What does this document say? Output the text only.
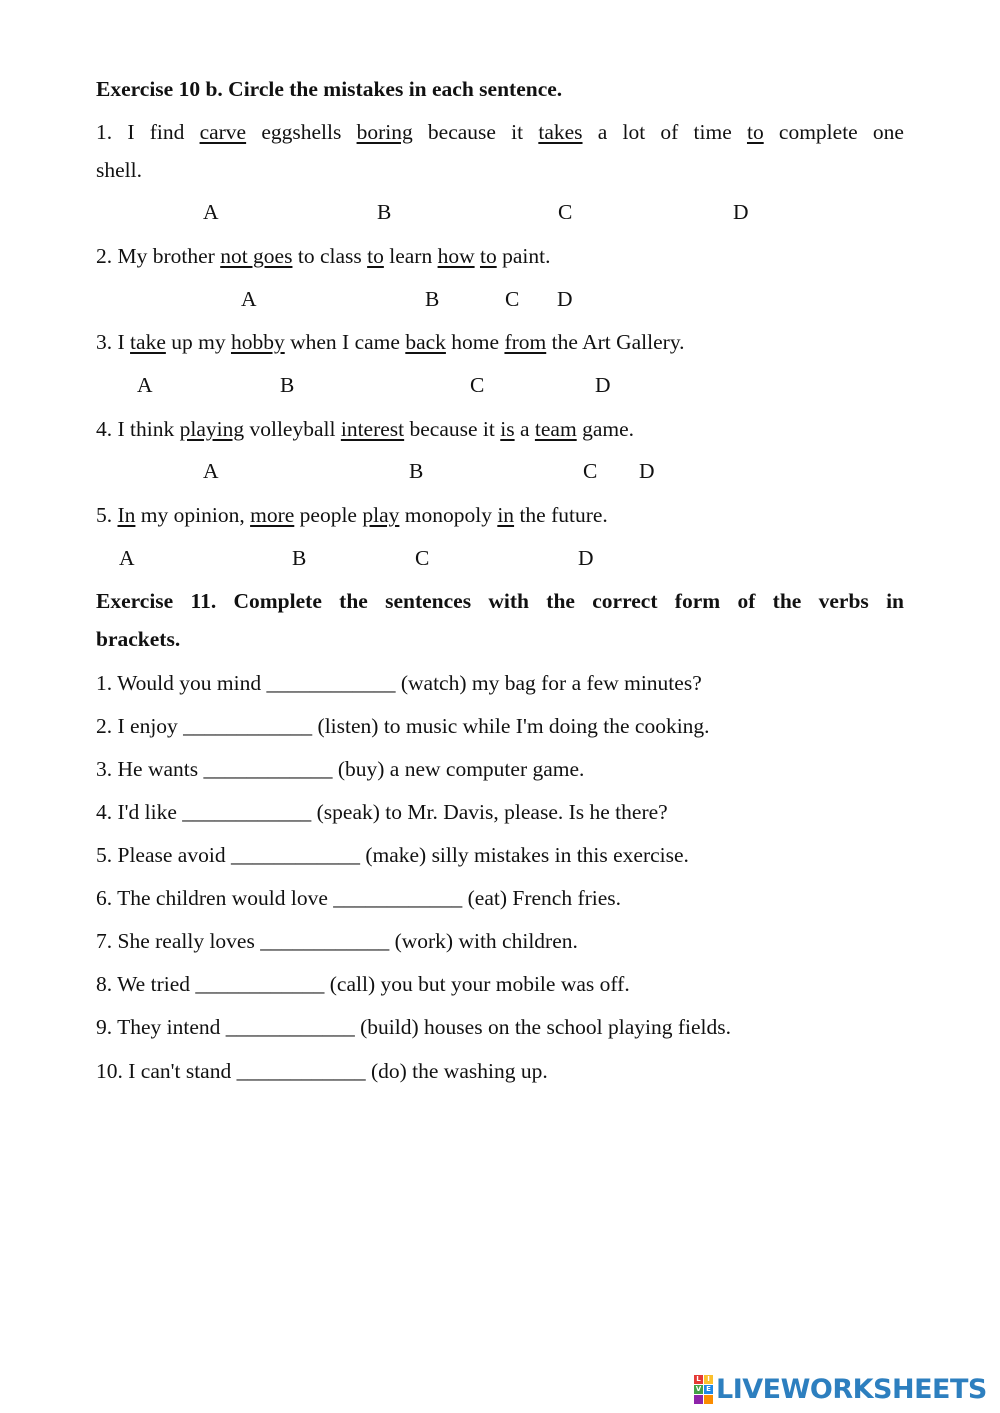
Exercise 10 b. Circle the mistakes in each sentence.
1. I find carve eggshells boring because it takes a lot of time to complete one
shell.
A	B	C	D
2. My brother not goes to class to learn how to paint.
A	B	C D
3. I take up my hobby when I came back home from the Art Gallery.
A	B	C	D
4. I think playing volleyball interest because it is a team game.
A	B	C D
5. In my opinion, more people play monopoly in the future.
A	B	C	D
Exercise 11. Complete the sentences with the correct form of the verbs in
brackets.
1. Would you mind ____________ (watch) my bag for a few minutes?
2. I enjoy ____________ (listen) to music while I'm doing the cooking.
3. He wants ____________ (buy) a new computer game.
4. I'd like ____________ (speak) to Mr. Davis, please. Is he there?
5. Please avoid ____________ (make) silly mistakes in this exercise.
6. The children would love ____________ (eat) French fries.
7. She really loves ____________ (work) with children.
8. We tried ____________ (call) you but your mobile was off.
9. They intend ____________ (build) houses on the school playing fields.
10. I can't stand ____________ (do) the washing up.
L I
V E LIVEWORKSHEETS
